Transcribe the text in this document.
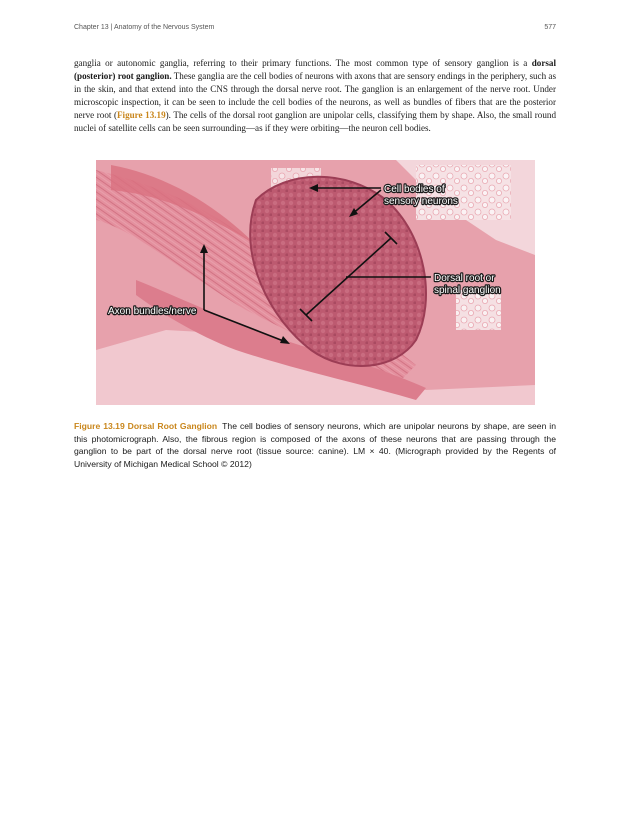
Chapter 13 | Anatomy of the Nervous System	577

ganglia or autonomic ganglia, referring to their primary functions. The most common type of sensory ganglion is a dorsal (posterior) root ganglion. These ganglia are the cell bodies of neurons with axons that are sensory endings in the periphery, such as in the skin, and that extend into the CNS through the dorsal nerve root. The ganglion is an enlargement of the nerve root. Under microscopic inspection, it can be seen to include the cell bodies of the neurons, as well as bundles of fibers that are the posterior nerve root (Figure 13.19). The cells of the dorsal root ganglion are unipolar cells, classifying them by shape. Also, the small round nuclei of satellite cells can be seen surrounding—as if they were orbiting—the neuron cell bodies.

Cell bodies of
sensory neurons
Dorsal root or
spinal ganglion
Axon bundles/nerve

Figure 13.19 Dorsal Root Ganglion The cell bodies of sensory neurons, which are unipolar neurons by shape, are seen in this photomicrograph. Also, the fibrous region is composed of the axons of these neurons that are passing through the ganglion to be part of the dorsal nerve root (tissue source: canine). LM × 40. (Micrograph provided by the Regents of University of Michigan Medical School © 2012)
